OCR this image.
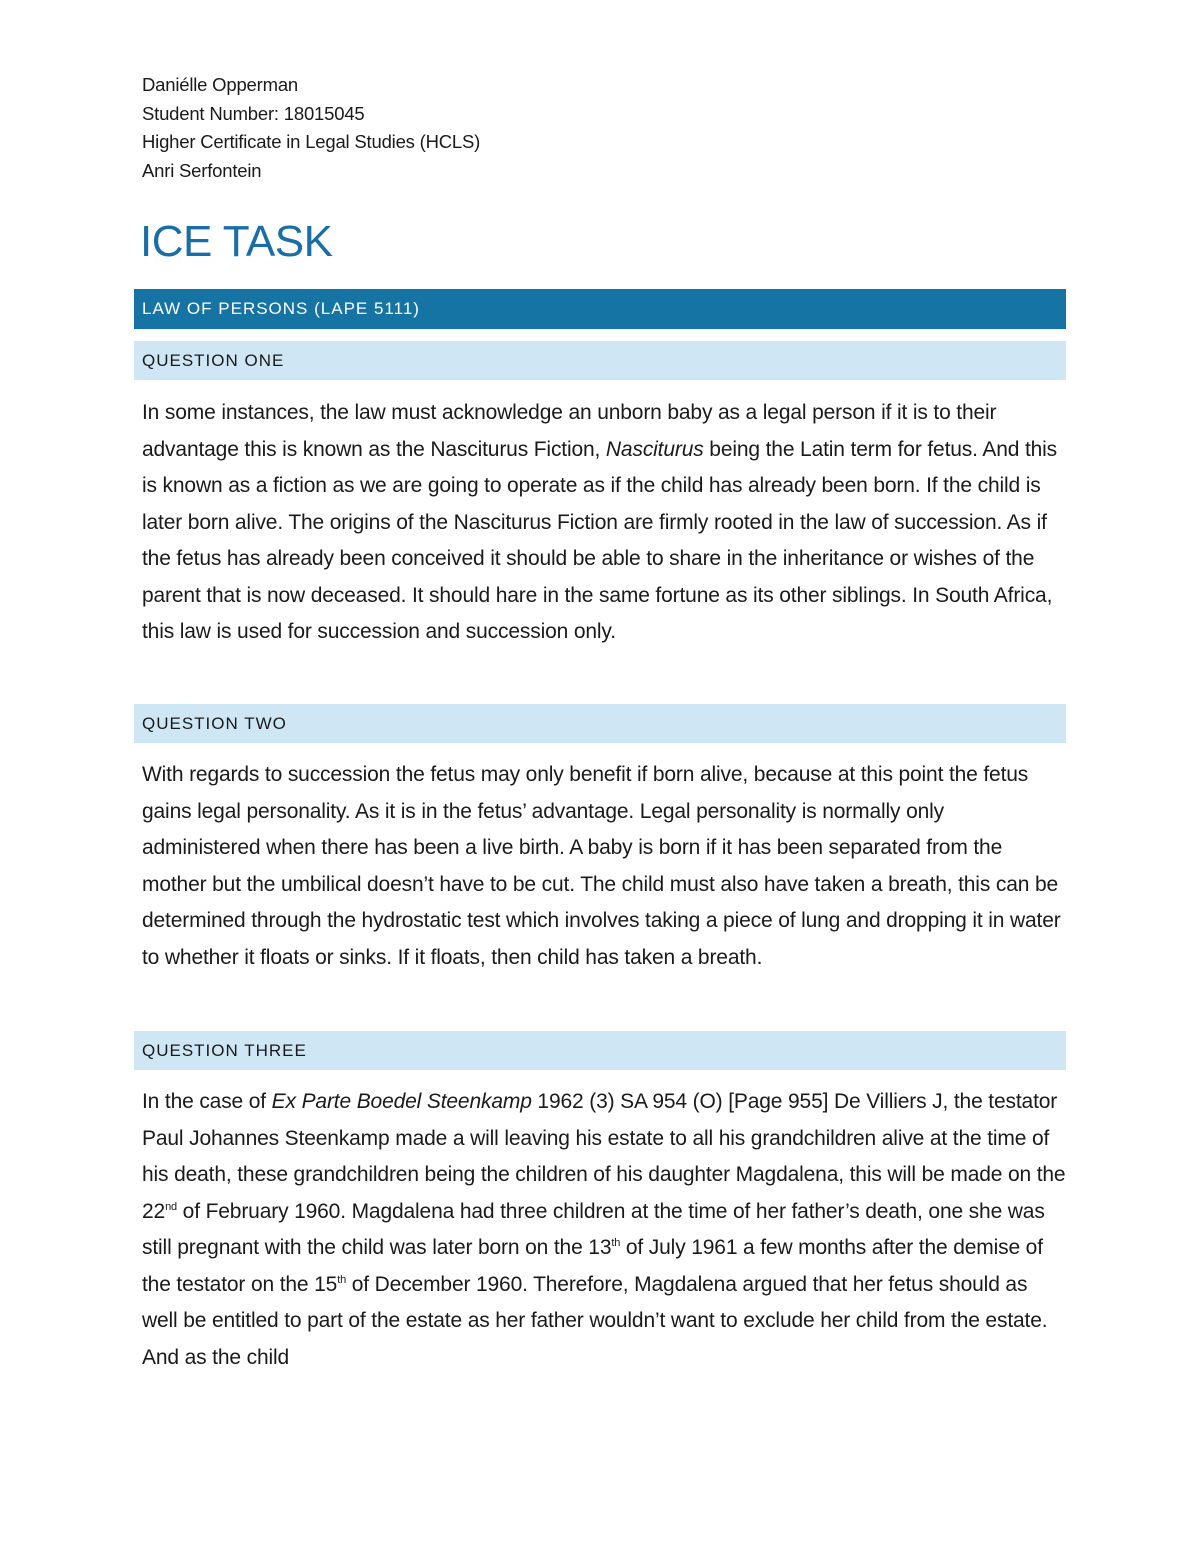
Daniélle Opperman
Student Number: 18015045
Higher Certificate in Legal Studies (HCLS)
Anri Serfontein
ICE TASK
LAW OF PERSONS (LAPE 5111)
QUESTION ONE
In some instances, the law must acknowledge an unborn baby as a legal person if it is to their advantage this is known as the Nasciturus Fiction, Nasciturus being the Latin term for fetus. And this is known as a fiction as we are going to operate as if the child has already been born. If the child is later born alive. The origins of the Nasciturus Fiction are firmly rooted in the law of succession. As if the fetus has already been conceived it should be able to share in the inheritance or wishes of the parent that is now deceased. It should hare in the same fortune as its other siblings. In South Africa, this law is used for succession and succession only.
QUESTION TWO
With regards to succession the fetus may only benefit if born alive, because at this point the fetus gains legal personality. As it is in the fetus’ advantage. Legal personality is normally only administered when there has been a live birth. A baby is born if it has been separated from the mother but the umbilical doesn’t have to be cut. The child must also have taken a breath, this can be determined through the hydrostatic test which involves taking a piece of lung and dropping it in water to whether it floats or sinks. If it floats, then child has taken a breath.
QUESTION THREE
In the case of Ex Parte Boedel Steenkamp 1962 (3) SA 954 (O) [Page 955] De Villiers J, the testator Paul Johannes Steenkamp made a will leaving his estate to all his grandchildren alive at the time of his death, these grandchildren being the children of his daughter Magdalena, this will be made on the 22nd of February 1960. Magdalena had three children at the time of her father’s death, one she was still pregnant with the child was later born on the 13th of July 1961 a few months after the demise of the testator on the 15th of December 1960. Therefore, Magdalena argued that her fetus should as well be entitled to part of the estate as her father wouldn’t want to exclude her child from the estate. And as the child
